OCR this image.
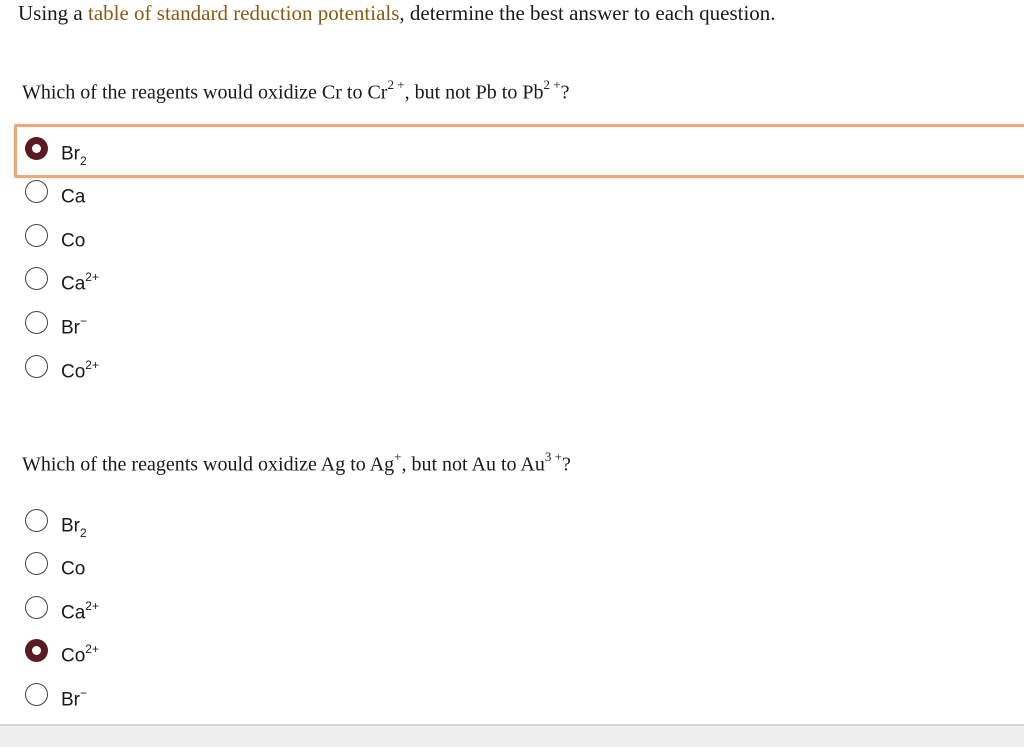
Using a table of standard reduction potentials, determine the best answer to each question.
Which of the reagents would oxidize Cr to $Cr^{2 +}$, but not Pb to $Pb^{2 +}$?
$Br_2$
Ca
Co
$Ca^{2+}$
Br−
$Co^{2+}$
Which of the reagents would oxidize Ag to Ag+, but not Au to $Au^{3 +}$?
$Br_2$
Co
$Ca^{2+}$
$Co^{2+}$
Br−
